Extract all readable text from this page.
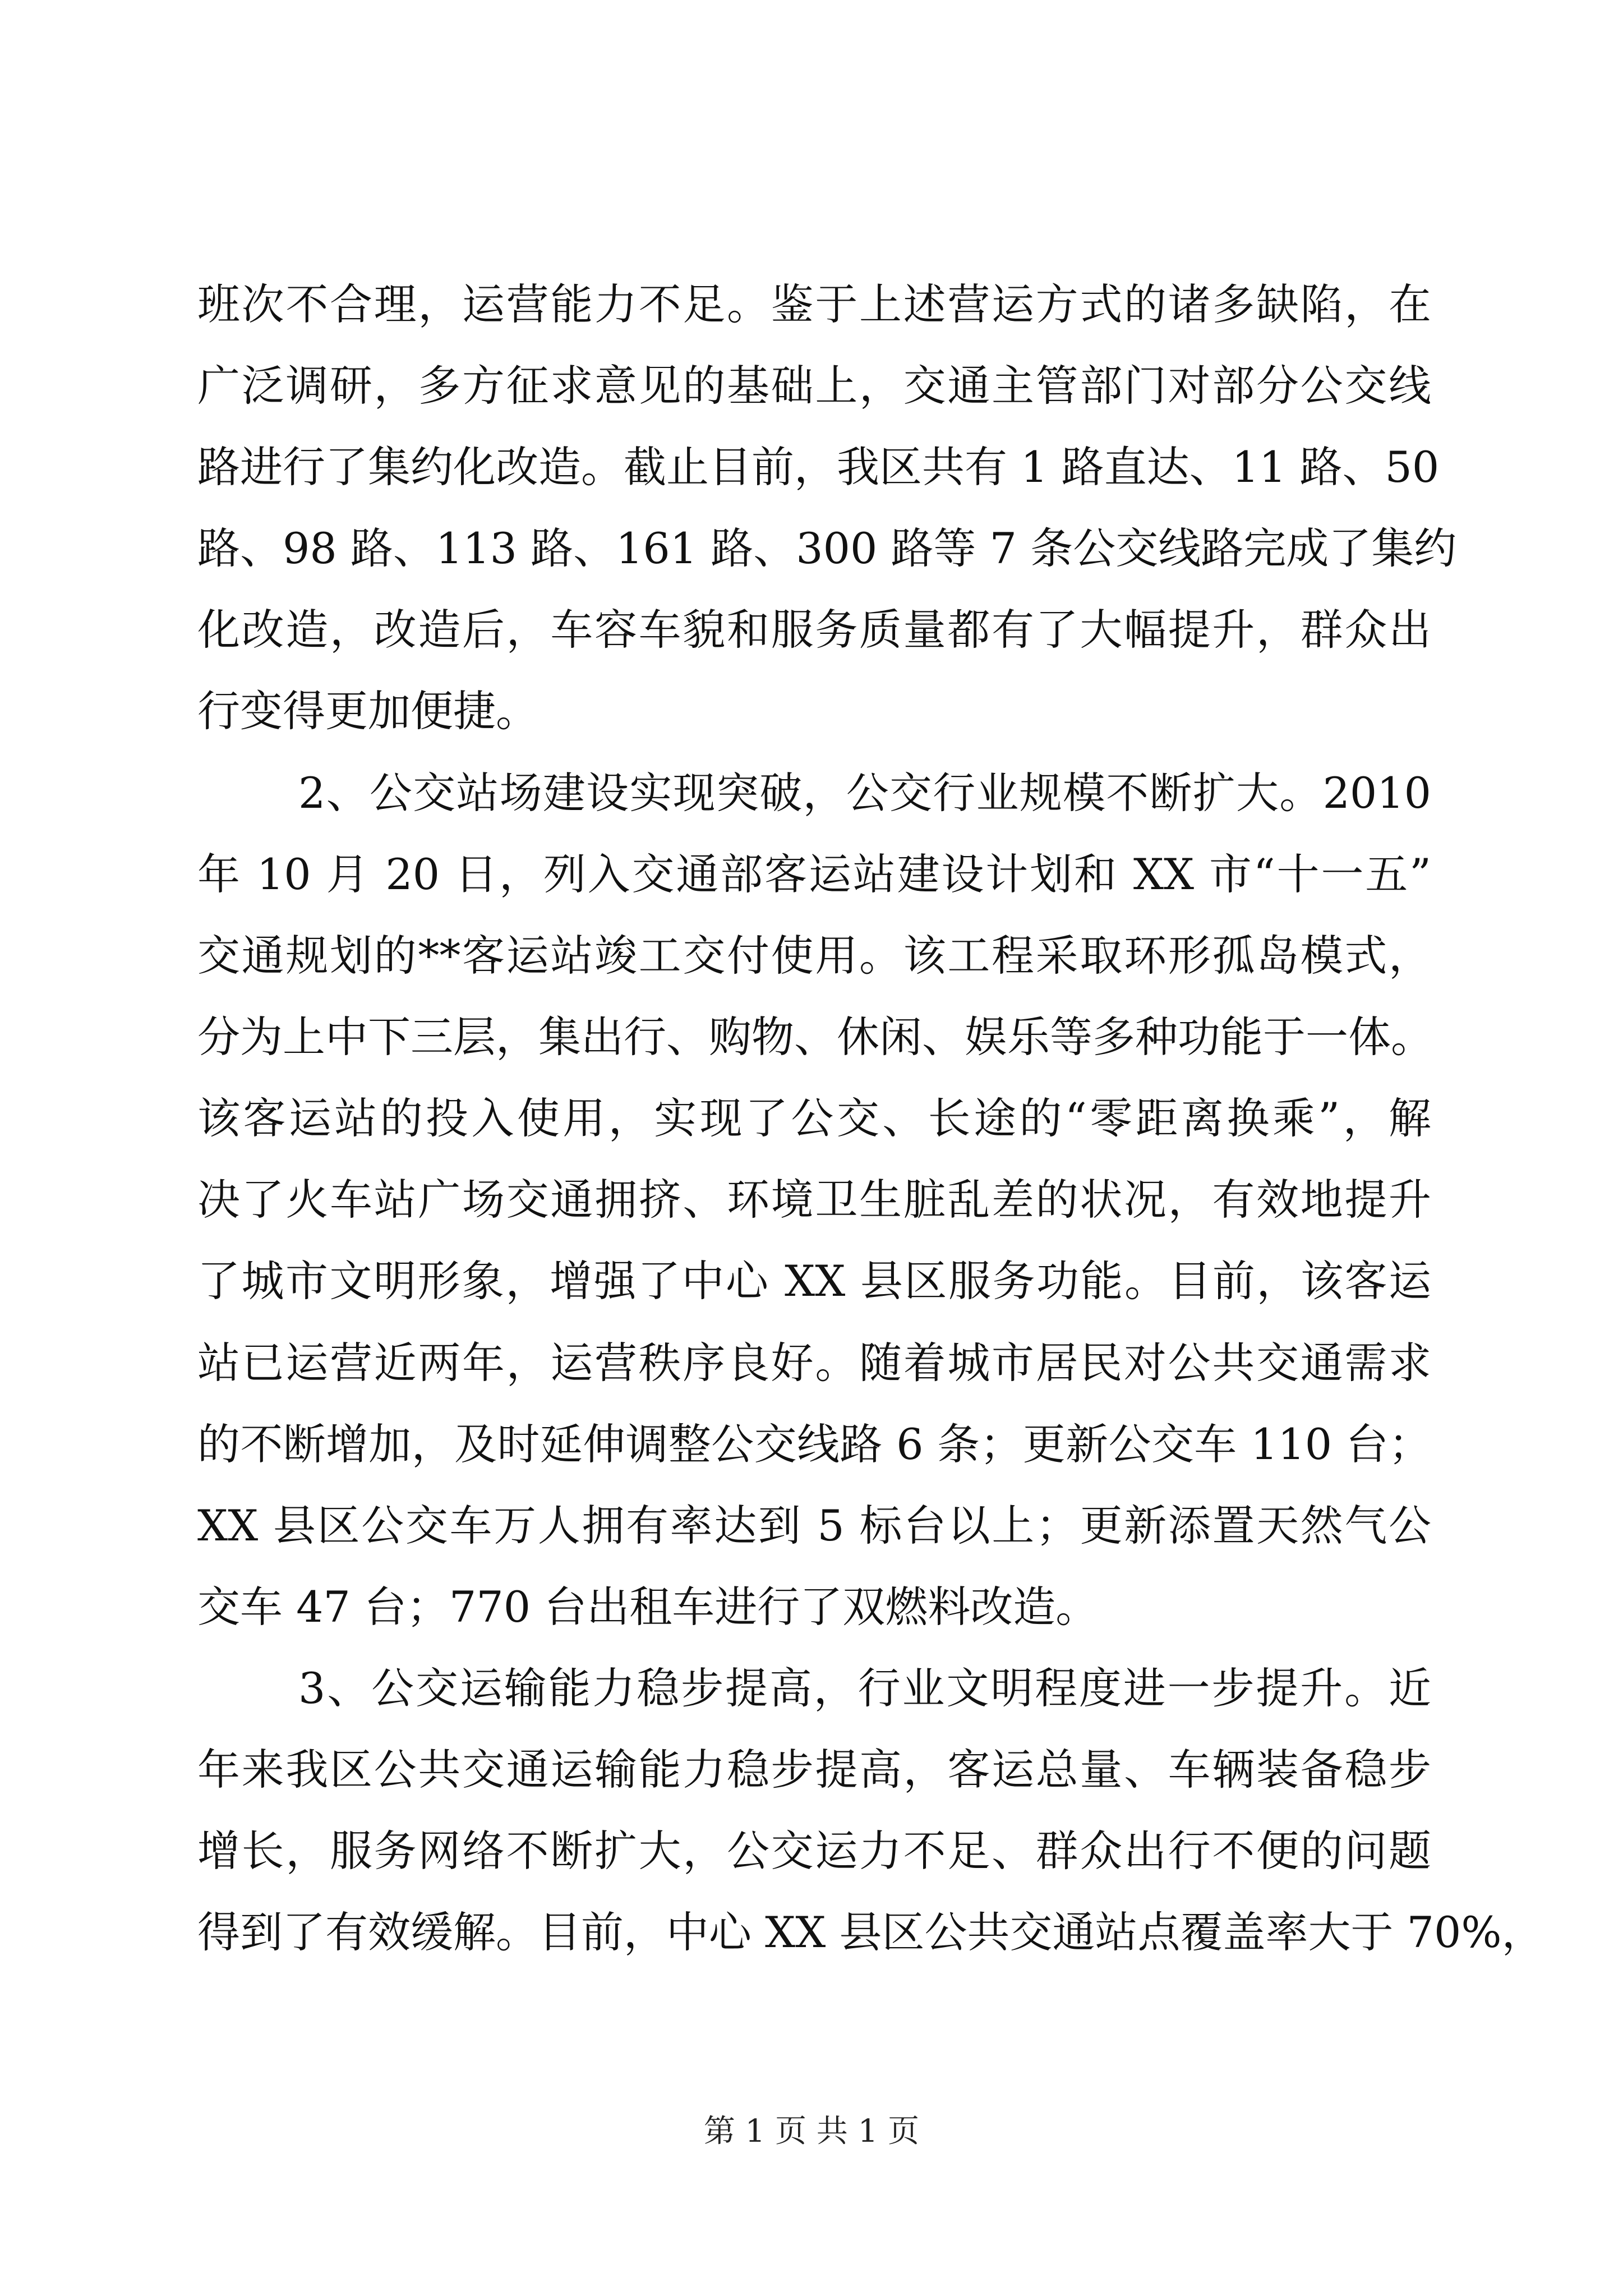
班次不合理，运营能力不足。鉴于上述营运方式的诸多缺陷，在
广泛调研，多方征求意见的基础上，交通主管部门对部分公交线
路进行了集约化改造。截止目前，我区共有 1 路直达、11 路、50
路、98 路、113 路、161 路、300 路等 7 条公交线路完成了集约
化改造，改造后，车容车貌和服务质量都有了大幅提升，群众出
行变得更加便捷。
2、公交站场建设实现突破，公交行业规模不断扩大。2010
年 10 月 20 日，列入交通部客运站建设计划和 XX 市“十一五”
交通规划的**客运站竣工交付使用。该工程采取环形孤岛模式，
分为上中下三层，集出行、购物、休闲、娱乐等多种功能于一体。
该客运站的投入使用，实现了公交、长途的“零距离换乘”，解
决了火车站广场交通拥挤、环境卫生脏乱差的状况，有效地提升
了城市文明形象，增强了中心 XX 县区服务功能。目前，该客运
站已运营近两年，运营秩序良好。随着城市居民对公共交通需求
的不断增加，及时延伸调整公交线路 6 条；更新公交车 110 台；
XX 县区公交车万人拥有率达到 5 标台以上；更新添置天然气公
交车 47 台；770 台出租车进行了双燃料改造。
3、公交运输能力稳步提高，行业文明程度进一步提升。近
年来我区公共交通运输能力稳步提高，客运总量、车辆装备稳步
增长，服务网络不断扩大，公交运力不足、群众出行不便的问题
得到了有效缓解。目前，中心 XX 县区公共交通站点覆盖率大于 70%，
第 1 页 共 1 页
